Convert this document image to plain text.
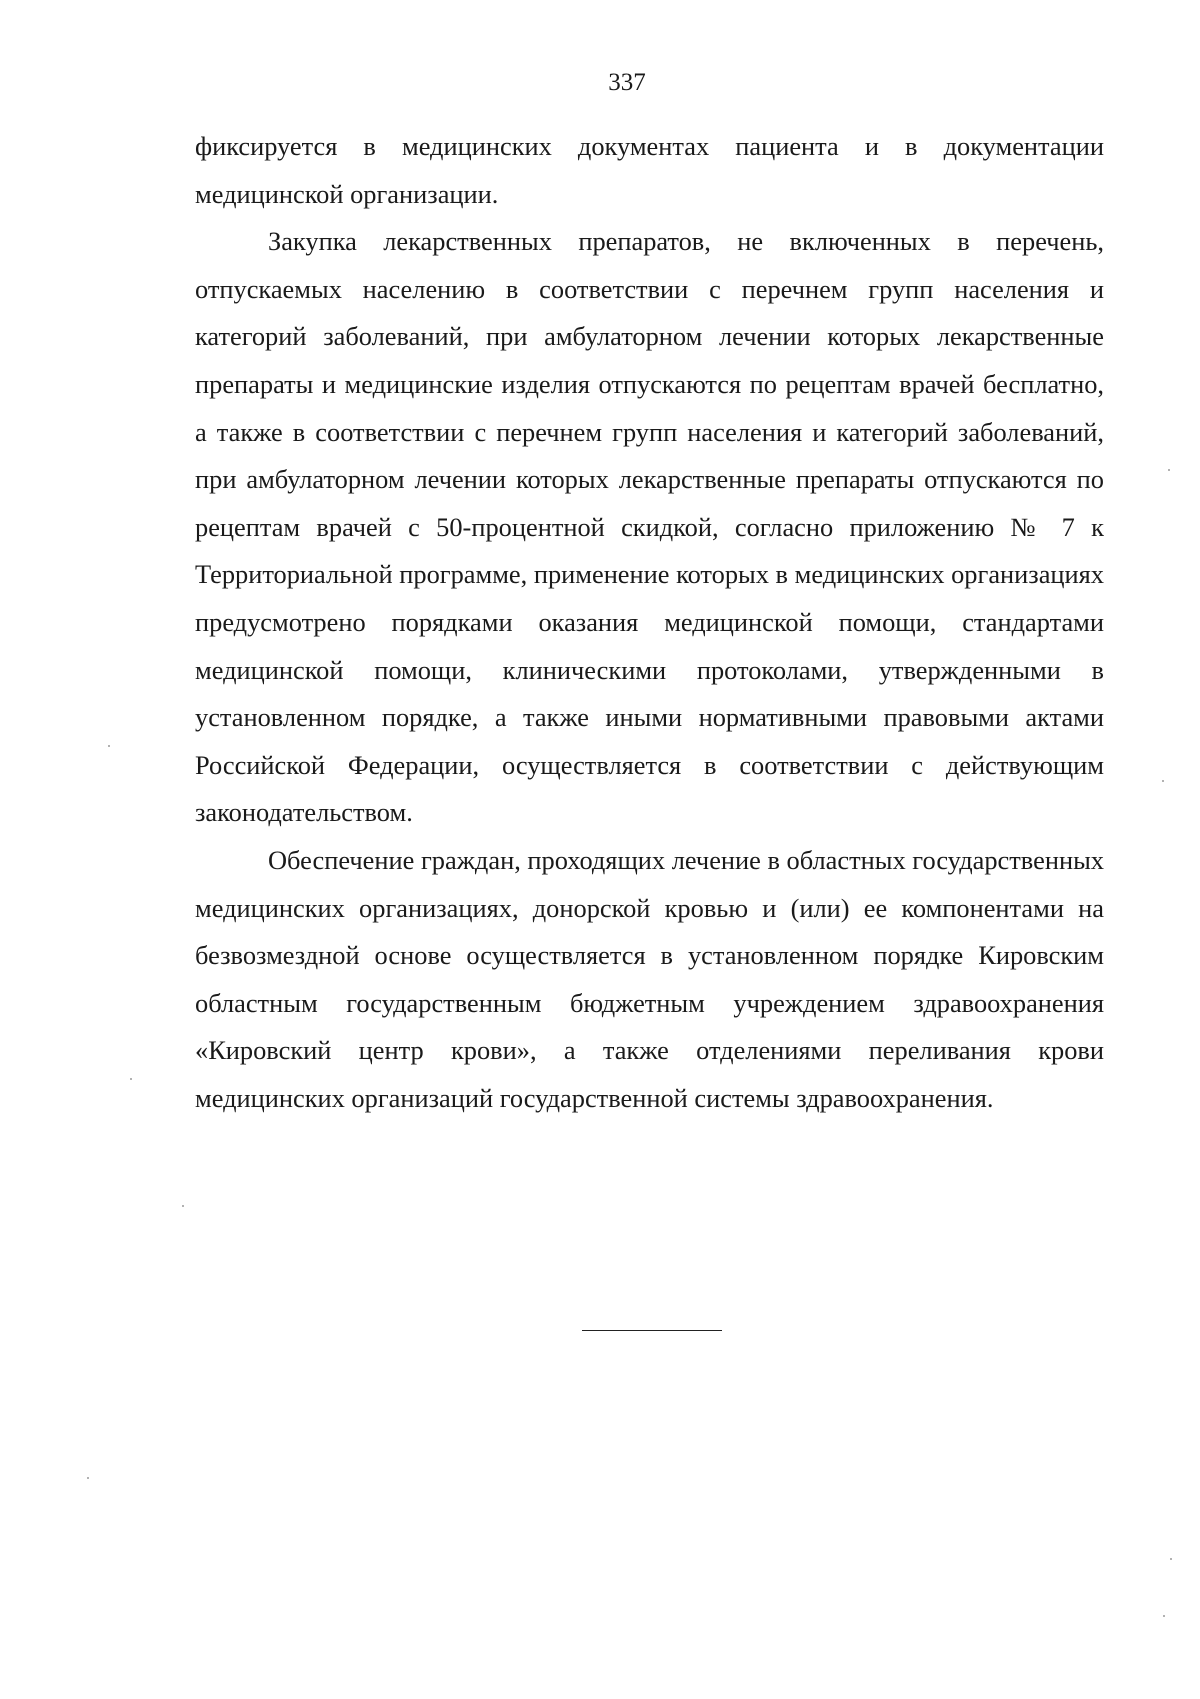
337

фиксируется в медицинских документах пациента и в документации медицинской организации.

Закупка лекарственных препаратов, не включенных в перечень, отпускаемых населению в соответствии с перечнем групп населения и категорий заболеваний, при амбулаторном лечении которых лекарственные препараты и медицинские изделия отпускаются по рецептам врачей бесплатно, а также в соответствии с перечнем групп населения и категорий заболеваний, при амбулаторном лечении которых лекарственные препараты отпускаются по рецептам врачей с 50-процентной скидкой, согласно приложению № 7 к Территориальной программе, применение которых в медицинских организациях предусмотрено порядками оказания медицинской помощи, стандартами медицинской помощи, клиническими протоколами, утвержденными в установленном порядке, а также иными нормативными правовыми актами Российской Федерации, осуществляется в соответствии с действующим законодательством.

Обеспечение граждан, проходящих лечение в областных государственных медицинских организациях, донорской кровью и (или) ее компонентами на безвозмездной основе осуществляется в установленном порядке Кировским областным государственным бюджетным учреждением здравоохранения «Кировский центр крови», а также отделениями переливания крови медицинских организаций государственной системы здравоохранения.
